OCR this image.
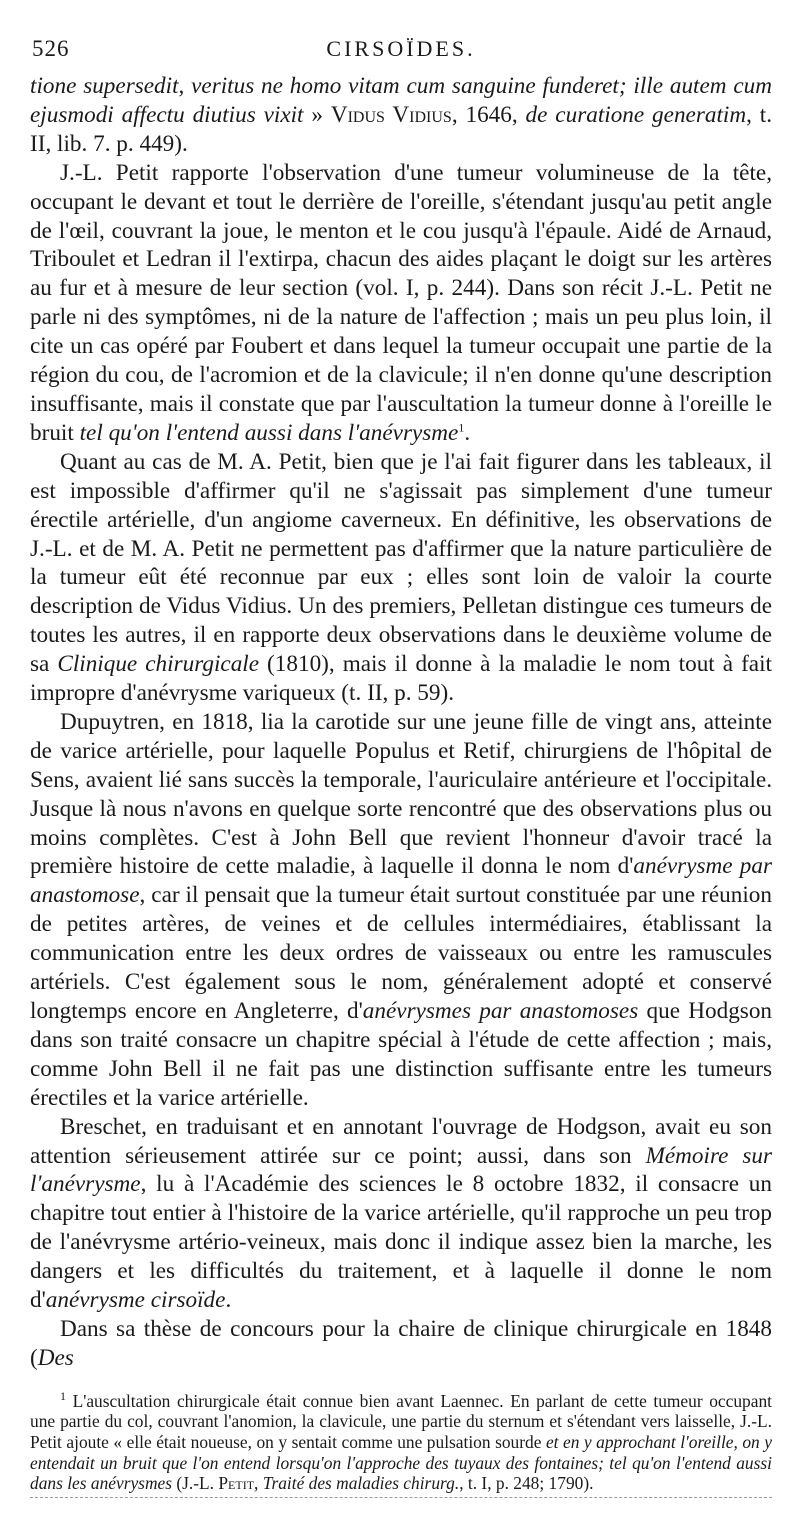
526	CIRSOÏDES.

tione supersedit, veritus ne homo vitam cum sanguine funderet; ille autem cum ejusmodi affectu diutius vixit » Vidus Vidius, 1646, de curatione generatim, t. II, lib. 7. p. 449).

J.-L. Petit rapporte l'observation d'une tumeur volumineuse de la tête, occupant le devant et tout le derrière de l'oreille, s'étendant jusqu'au petit angle de l'œil, couvrant la joue, le menton et le cou jusqu'à l'épaule. Aidé de Arnaud, Triboulet et Ledran il l'extirpa, chacun des aides plaçant le doigt sur les artères au fur et à mesure de leur section (vol. I, p. 244). Dans son récit J.-L. Petit ne parle ni des symptômes, ni de la nature de l'affection ; mais un peu plus loin, il cite un cas opéré par Foubert et dans lequel la tumeur occupait une partie de la région du cou, de l'acromion et de la clavicule; il n'en donne qu'une description insuffisante, mais il constate que par l'auscultation la tumeur donne à l'oreille le bruit tel qu'on l'entend aussi dans l'anévrysme$^1$.

Quant au cas de M. A. Petit, bien que je l'ai fait figurer dans les tableaux, il est impossible d'affirmer qu'il ne s'agissait pas simplement d'une tumeur érectile artérielle, d'un angiome caverneux. En définitive, les observations de J.-L. et de M. A. Petit ne permettent pas d'affirmer que la nature particulière de la tumeur eût été reconnue par eux ; elles sont loin de valoir la courte description de Vidus Vidius. Un des premiers, Pelletan distingue ces tumeurs de toutes les autres, il en rapporte deux observations dans le deuxième volume de sa Clinique chirurgicale (1810), mais il donne à la maladie le nom tout à fait impropre d'anévrysme variqueux (t. II, p. 59).

Dupuytren, en 1818, lia la carotide sur une jeune fille de vingt ans, atteinte de varice artérielle, pour laquelle Populus et Retif, chirurgiens de l'hôpital de Sens, avaient lié sans succès la temporale, l'auriculaire antérieure et l'occipitale. Jusque là nous n'avons en quelque sorte rencontré que des observations plus ou moins complètes. C'est à John Bell que revient l'honneur d'avoir tracé la première histoire de cette maladie, à laquelle il donna le nom d'anévrysme par anastomose, car il pensait que la tumeur était surtout constituée par une réunion de petites artères, de veines et de cellules intermédiaires, établissant la communication entre les deux ordres de vaisseaux ou entre les ramuscules artériels. C'est également sous le nom, généralement adopté et conservé longtemps encore en Angleterre, d'anévrysmes par anastomoses que Hodgson dans son traité consacre un chapitre spécial à l'étude de cette affection ; mais, comme John Bell il ne fait pas une distinction suffisante entre les tumeurs érectiles et la varice artérielle.

Breschet, en traduisant et en annotant l'ouvrage de Hodgson, avait eu son attention sérieusement attirée sur ce point; aussi, dans son Mémoire sur l'anévrysme, lu à l'Académie des sciences le 8 octobre 1832, il consacre un chapitre tout entier à l'histoire de la varice artérielle, qu'il rapproche un peu trop de l'anévrysme artério-veineux, mais donc il indique assez bien la marche, les dangers et les difficultés du traitement, et à laquelle il donne le nom d'anévrysme cirsoïde.

Dans sa thèse de concours pour la chaire de clinique chirurgicale en 1848 (Des

$^1$ L'auscultation chirurgicale était connue bien avant Laennec. En parlant de cette tumeur occupant une partie du col, couvrant l'anomion, la clavicule, une partie du sternum et s'étendant vers laisselle, J.-L. Petit ajoute « elle était noueuse, on y sentait comme une pulsation sourde et en y approchant l'oreille, on y entendait un bruit que l'on entend lorsqu'on l'approche des tuyaux des fontaines; tel qu'on l'entend aussi dans les anévrysmes (J.-L. Petit, Traité des maladies chirurg., t. I, p. 248; 1790).
